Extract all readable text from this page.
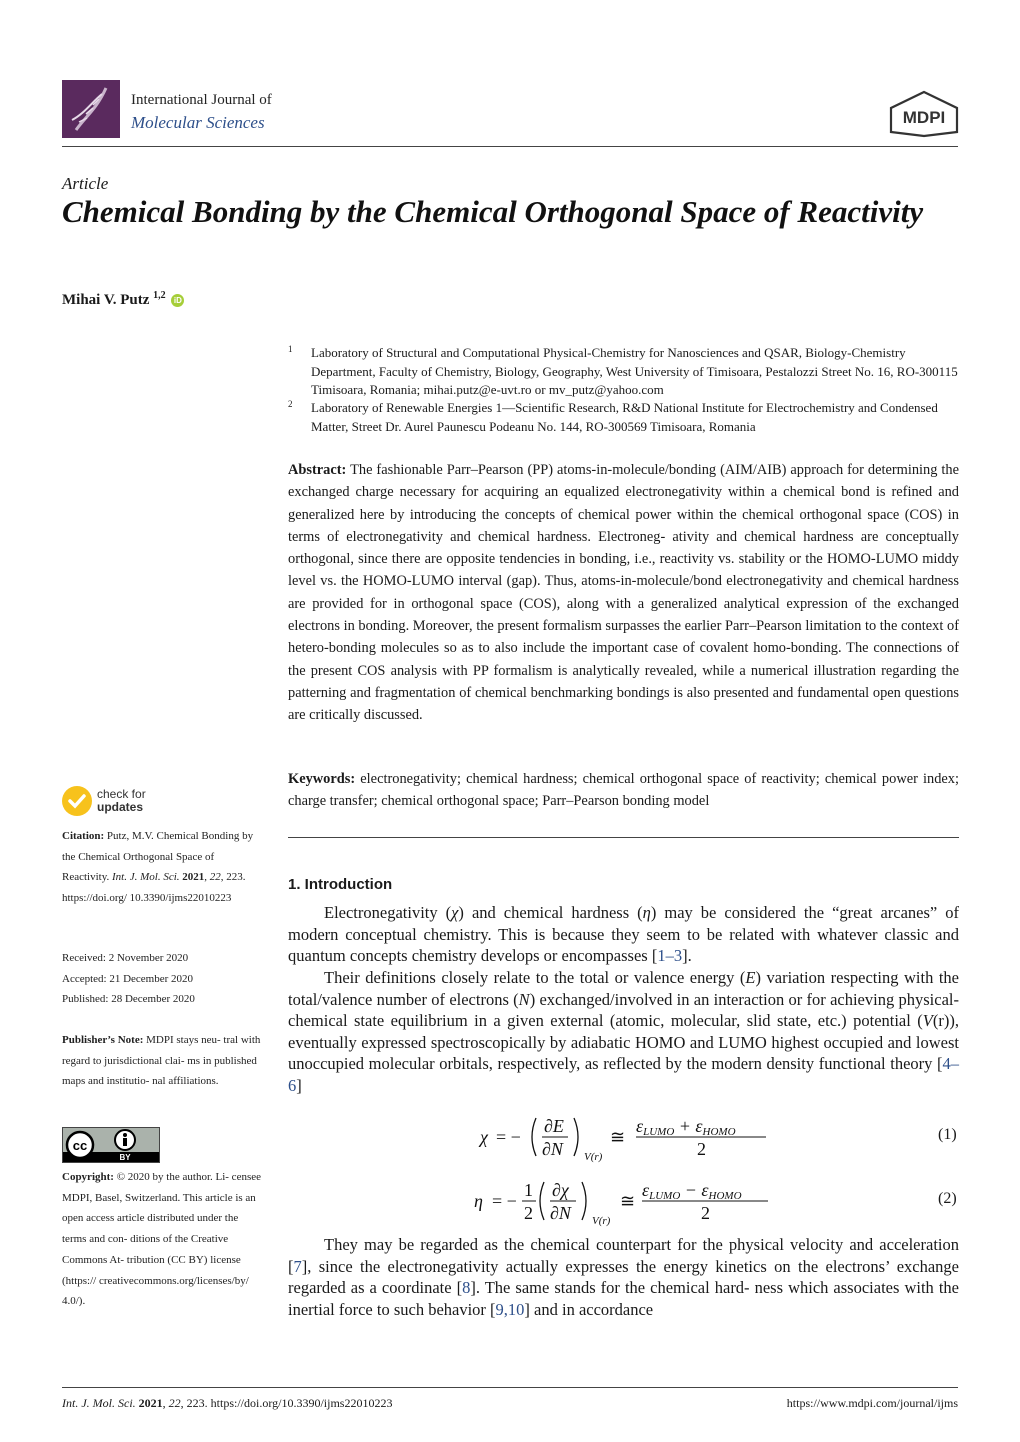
International Journal of
Molecular Sciences	MDPI
Article
Chemical Bonding by the Chemical Orthogonal Space of Reactivity
Mihai V. Putz $^{1,2}$ iD
1 Laboratory of Structural and Computational Physical-Chemistry for Nanosciences and QSAR, Biology-Chemistry Department, Faculty of Chemistry, Biology, Geography, West University of Timisoara, Pestalozzi Street No. 16, RO-300115 Timisoara, Romania; mihai.putz@e-uvt.ro or mv_putz@yahoo.com
2 Laboratory of Renewable Energies 1—Scientific Research, R&D National Institute for Electrochemistry and Condensed Matter, Street Dr. Aurel Paunescu Podeanu No. 144, RO-300569 Timisoara, Romania
Abstract: The fashionable Parr–Pearson (PP) atoms-in-molecule/bonding (AIM/AIB) approach for determining the exchanged charge necessary for acquiring an equalized electronegativity within a chemical bond is refined and generalized here by introducing the concepts of chemical power within the chemical orthogonal space (COS) in terms of electronegativity and chemical hardness. Electroneg- ativity and chemical hardness are conceptually orthogonal, since there are opposite tendencies in bonding, i.e., reactivity vs. stability or the HOMO-LUMO middy level vs. the HOMO-LUMO interval (gap). Thus, atoms-in-molecule/bond electronegativity and chemical hardness are provided for in orthogonal space (COS), along with a generalized analytical expression of the exchanged electrons in bonding. Moreover, the present formalism surpasses the earlier Parr–Pearson limitation to the context of hetero-bonding molecules so as to also include the important case of covalent homo-bonding. The connections of the present COS analysis with PP formalism is analytically revealed, while a numerical illustration regarding the patterning and fragmentation of chemical benchmarking bondings is also presented and fundamental open questions are critically discussed.
Keywords: electronegativity; chemical hardness; chemical orthogonal space of reactivity; chemical power index; charge transfer; chemical orthogonal space; Parr–Pearson bonding model
check for
updates
Citation: Putz, M.V. Chemical Bonding by the Chemical Orthogonal Space of Reactivity. Int. J. Mol. Sci. 2021, 22, 223. https://doi.org/ 10.3390/ijms22010223
Received: 2 November 2020
Accepted: 21 December 2020
Published: 28 December 2020
Publisher’s Note: MDPI stays neu- tral with regard to jurisdictional clai- ms in published maps and institutio- nal affiliations.
cc
BY
Copyright: © 2020 by the author. Li- censee MDPI, Basel, Switzerland. This article is an open access article distributed under the terms and con- ditions of the Creative Commons At- tribution (CC BY) license (https:// creativecommons.org/licenses/by/ 4.0/).
1. Introduction
Electronegativity (χ) and chemical hardness (η) may be considered the “great arcanes” of modern conceptual chemistry. This is because they seem to be related with whatever classic and quantum concepts chemistry develops or encompasses [1–3].
Their definitions closely relate to the total or valence energy (E) variation respecting with the total/valence number of electrons (N) exchanged/involved in an interaction or for achieving physical-chemical state equilibrium in a given external (atomic, molecular, slid state, etc.) potential (V(r)), eventually expressed spectroscopically by adiabatic HOMO and LUMO highest occupied and lowest unoccupied molecular orbitals, respectively, as reflected by the modern density functional theory [4–6]
χ = −
∂E
∂N V(r)
≅
εLUMO + εHOMO
2
(1)
η = −
1
2
∂χ
∂N V(r)
≅
εLUMO − εHOMO
2
(2)
They may be regarded as the chemical counterpart for the physical velocity and acceleration [7], since the electronegativity actually expresses the energy kinetics on the electrons’ exchange regarded as a coordinate [8]. The same stands for the chemical hard- ness which associates with the inertial force to such behavior [9,10] and in accordance
Int. J. Mol. Sci. 2021, 22, 223. https://doi.org/10.3390/ijms22010223	https://www.mdpi.com/journal/ijms
